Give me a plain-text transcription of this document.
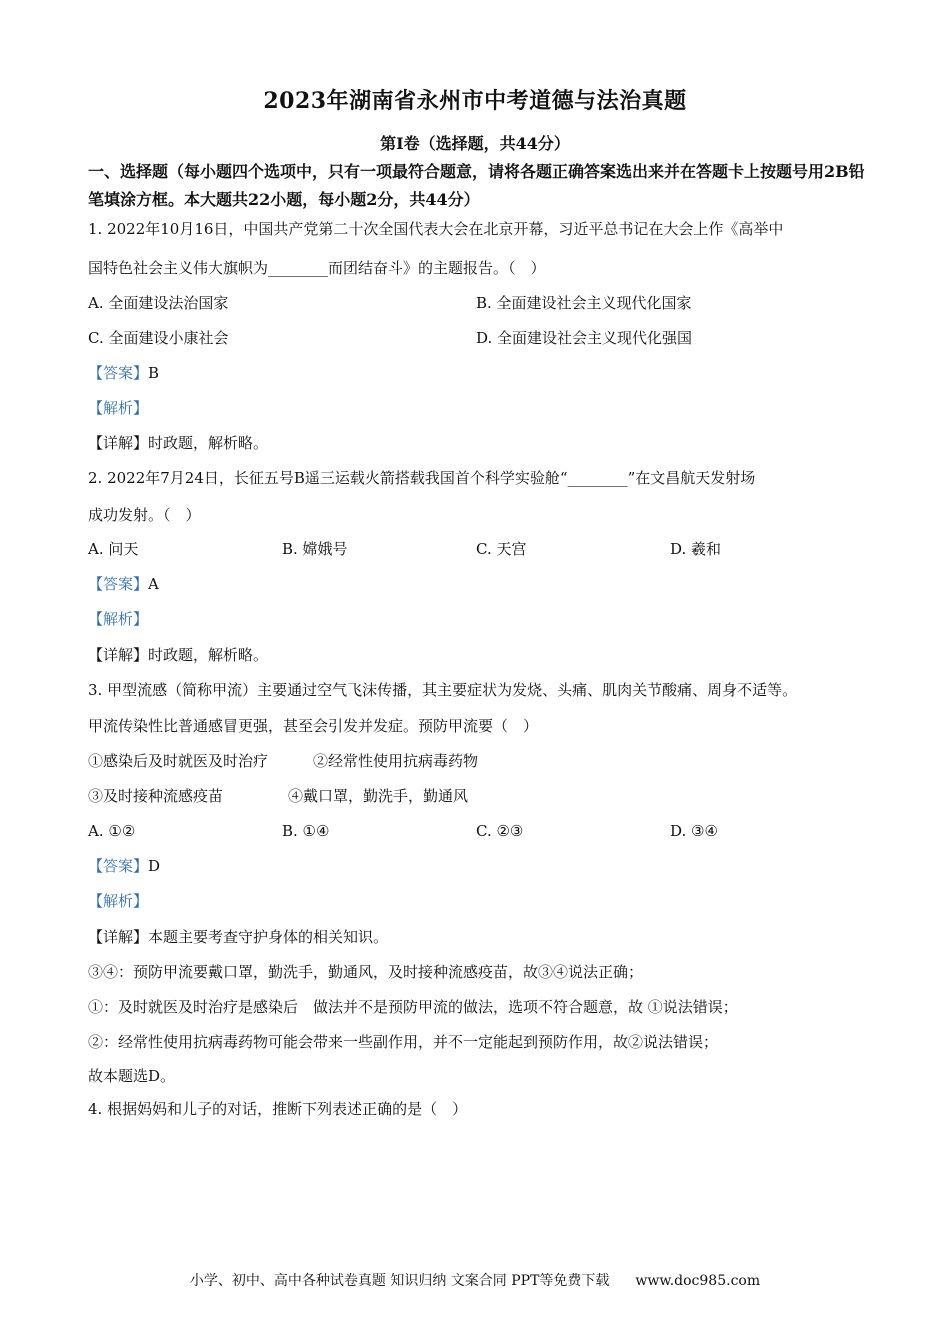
2023年湖南省永州市中考道德与法治真题
第Ⅰ卷（选择题，共44分）
一、选择题（每小题四个选项中，只有一项最符合题意，请将各题正确答案选出来并在答题卡上按题号用2B铅笔填涂方框。本大题共22小题，每小题2分，共44分）
1. 2022年10月16日，中国共产党第二十次全国代表大会在北京开幕，习近平总书记在大会上作《高举中
国特色社会主义伟大旗帜为________而团结奋斗》的主题报告。（　）
A. 全面建设法治国家	B. 全面建设社会主义现代化国家
C. 全面建设小康社会	D. 全面建设社会主义现代化强国
【答案】B
【解析】
【详解】时政题，解析略。
2. 2022年7月24日，长征五号B遥三运载火箭搭载我国首个科学实验舱“________”在文昌航天发射场
成功发射。（　）
A. 问天	B. 嫦娥号	C. 天宫	D. 羲和
【答案】A
【解析】
【详解】时政题，解析略。
3. 甲型流感（简称甲流）主要通过空气飞沫传播，其主要症状为发烧、头痛、肌肉关节酸痛、周身不适等。
甲流传染性比普通感冒更强，甚至会引发并发症。预防甲流要（　）
①感染后及时就医及时治疗	②经常性使用抗病毒药物
③及时接种流感疫苗	④戴口罩，勤洗手，勤通风
A. ①②	B. ①④	C. ②③	D. ③④
【答案】D
【解析】
【详解】本题主要考查守护身体的相关知识。
③④：预防甲流要戴口罩，勤洗手，勤通风，及时接种流感疫苗，故③④说法正确；
①：及时就医及时治疗是感染后　做法并不是预防甲流的做法，选项不符合题意，故 ①说法错误；
②：经常性使用抗病毒药物可能会带来一些副作用，并不一定能起到预防作用，故②说法错误；
故本题选D。
4. 根据妈妈和儿子的对话，推断下列表述正确的是（　）
小学、初中、高中各种试卷真题 知识归纳 文案合同 PPT等免费下载 www.doc985.com
